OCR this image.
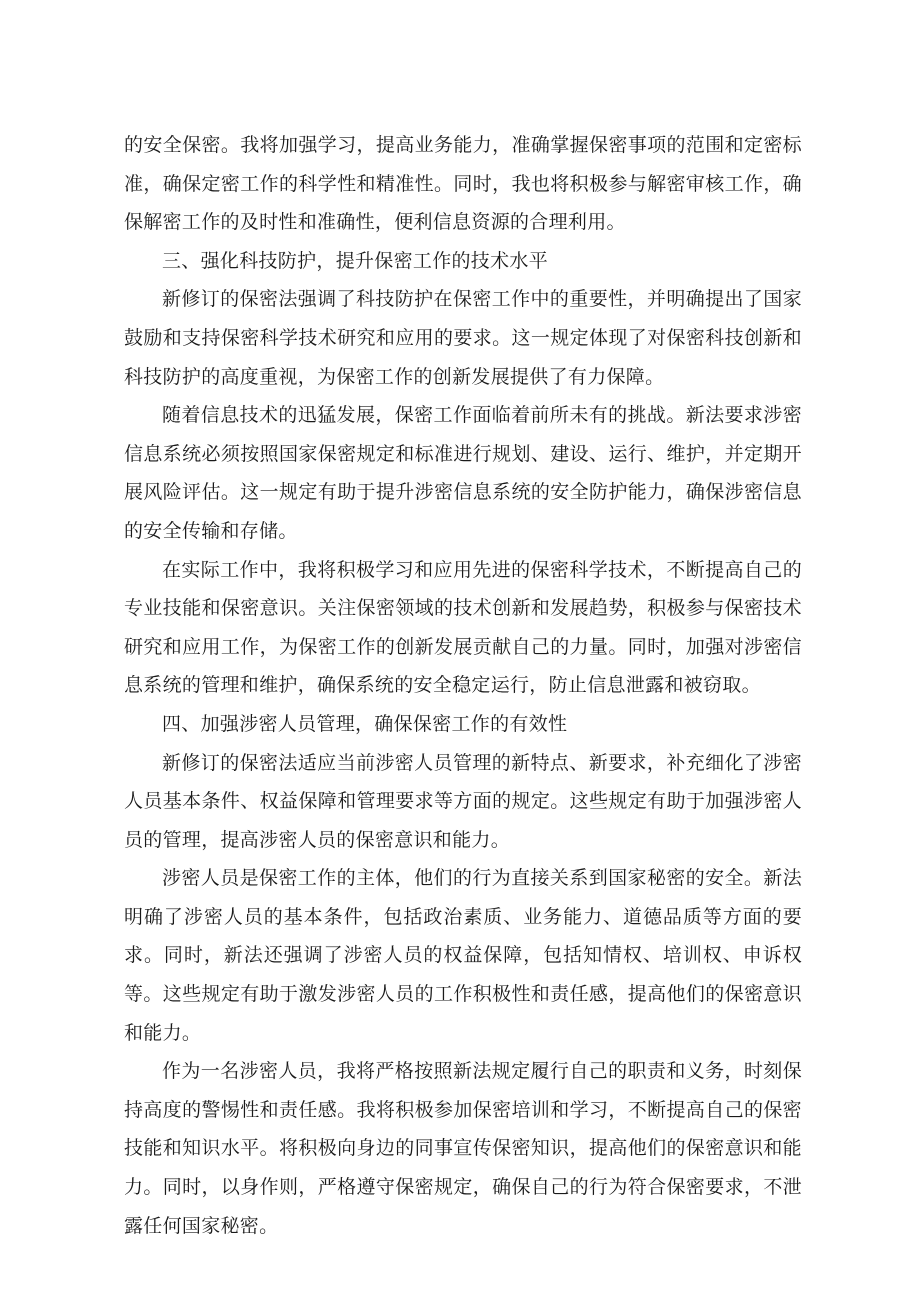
的安全保密。我将加强学习，提高业务能力，准确掌握保密事项的范围和定密标准，确保定密工作的科学性和精准性。同时，我也将积极参与解密审核工作，确保解密工作的及时性和准确性，便利信息资源的合理利用。

三、强化科技防护，提升保密工作的技术水平

新修订的保密法强调了科技防护在保密工作中的重要性，并明确提出了国家鼓励和支持保密科学技术研究和应用的要求。这一规定体现了对保密科技创新和科技防护的高度重视，为保密工作的创新发展提供了有力保障。

随着信息技术的迅猛发展，保密工作面临着前所未有的挑战。新法要求涉密信息系统必须按照国家保密规定和标准进行规划、建设、运行、维护，并定期开展风险评估。这一规定有助于提升涉密信息系统的安全防护能力，确保涉密信息的安全传输和存储。

在实际工作中，我将积极学习和应用先进的保密科学技术，不断提高自己的专业技能和保密意识。关注保密领域的技术创新和发展趋势，积极参与保密技术研究和应用工作，为保密工作的创新发展贡献自己的力量。同时，加强对涉密信息系统的管理和维护，确保系统的安全稳定运行，防止信息泄露和被窃取。

四、加强涉密人员管理，确保保密工作的有效性

新修订的保密法适应当前涉密人员管理的新特点、新要求，补充细化了涉密人员基本条件、权益保障和管理要求等方面的规定。这些规定有助于加强涉密人员的管理，提高涉密人员的保密意识和能力。

涉密人员是保密工作的主体，他们的行为直接关系到国家秘密的安全。新法明确了涉密人员的基本条件，包括政治素质、业务能力、道德品质等方面的要求。同时，新法还强调了涉密人员的权益保障，包括知情权、培训权、申诉权等。这些规定有助于激发涉密人员的工作积极性和责任感，提高他们的保密意识和能力。

作为一名涉密人员，我将严格按照新法规定履行自己的职责和义务，时刻保持高度的警惕性和责任感。我将积极参加保密培训和学习，不断提高自己的保密技能和知识水平。将积极向身边的同事宣传保密知识，提高他们的保密意识和能力。同时，以身作则，严格遵守保密规定，确保自己的行为符合保密要求，不泄露任何国家秘密。
